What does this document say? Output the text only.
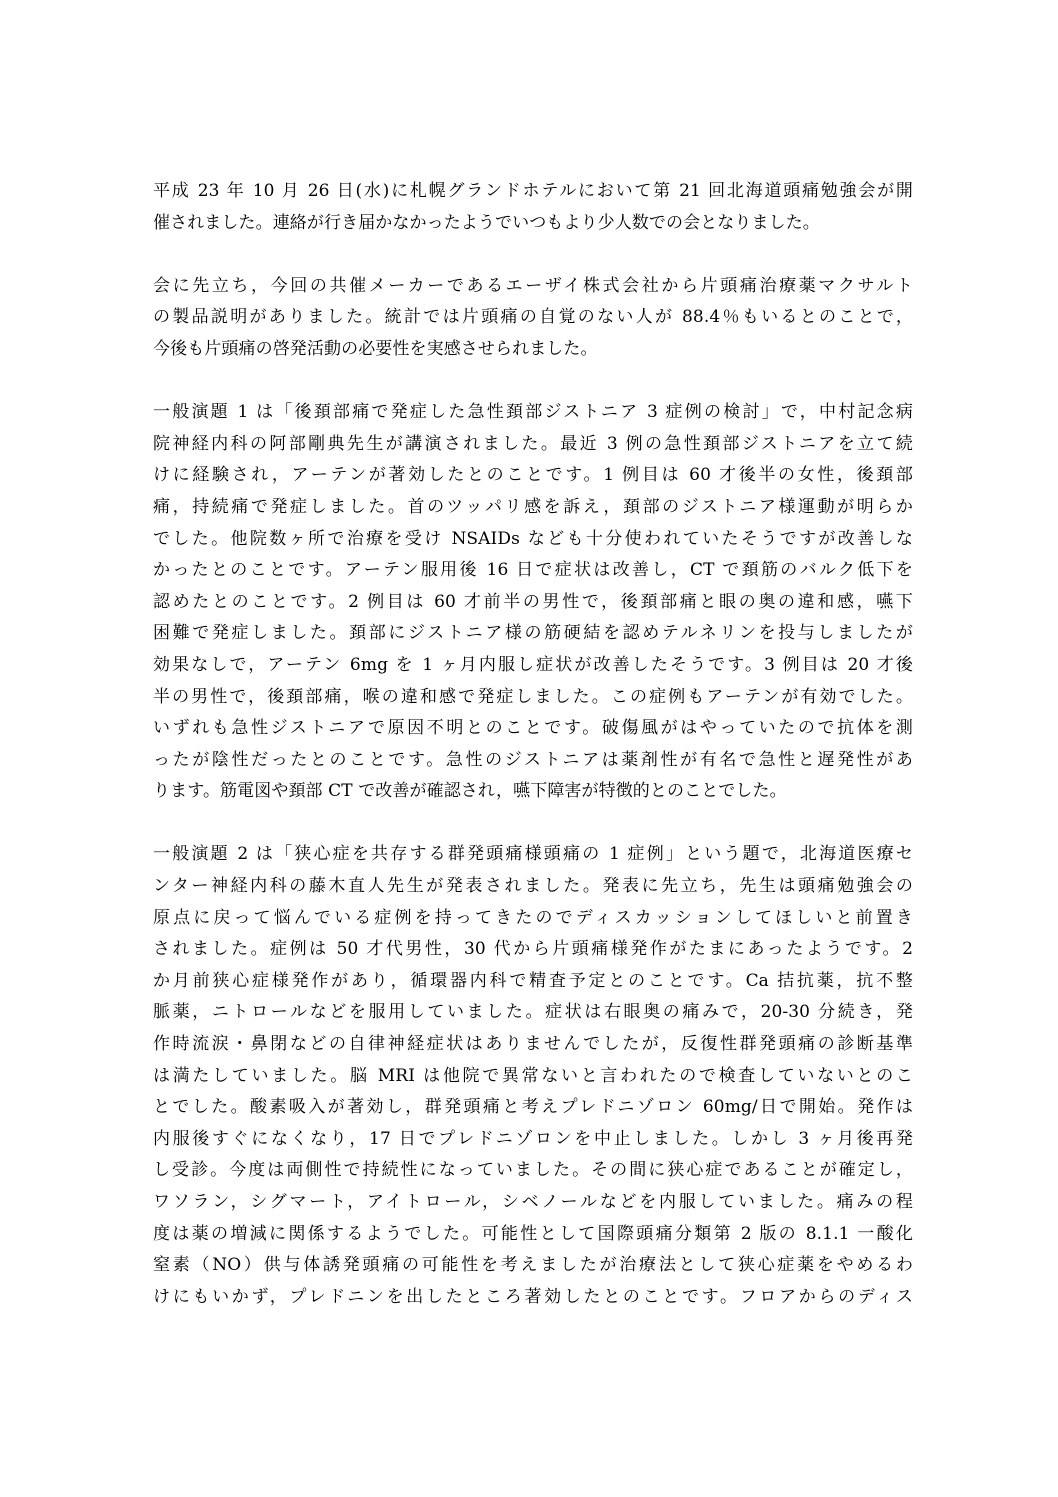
平成 23 年 10 月 26 日(水)に札幌グランドホテルにおいて第 21 回北海道頭痛勉強会が開
催されました。連絡が行き届かなかったようでいつもより少人数での会となりました。
会に先立ち，今回の共催メーカーであるエーザイ株式会社から片頭痛治療薬マクサルト
の製品説明がありました。統計では片頭痛の自覚のない人が 88.4％もいるとのことで，
今後も片頭痛の啓発活動の必要性を実感させられました。
一般演題 1 は「後頚部痛で発症した急性頚部ジストニア 3 症例の検討」で，中村記念病
院神経内科の阿部剛典先生が講演されました。最近 3 例の急性頚部ジストニアを立て続
けに経験され，アーテンが著効したとのことです。1 例目は 60 才後半の女性，後頚部
痛，持続痛で発症しました。首のツッパリ感を訴え，頚部のジストニア様運動が明らか
でした。他院数ヶ所で治療を受け NSAIDs なども十分使われていたそうですが改善しな
かったとのことです。アーテン服用後 16 日で症状は改善し，CT で頚筋のバルク低下を
認めたとのことです。2 例目は 60 才前半の男性で，後頚部痛と眼の奥の違和感，嚥下
困難で発症しました。頚部にジストニア様の筋硬結を認めテルネリンを投与しましたが
効果なしで，アーテン 6mg を 1 ヶ月内服し症状が改善したそうです。3 例目は 20 才後
半の男性で，後頚部痛，喉の違和感で発症しました。この症例もアーテンが有効でした。
いずれも急性ジストニアで原因不明とのことです。破傷風がはやっていたので抗体を測
ったが陰性だったとのことです。急性のジストニアは薬剤性が有名で急性と遅発性があ
ります。筋電図や頚部 CT で改善が確認され，嚥下障害が特徴的とのことでした。
一般演題 2 は「狭心症を共存する群発頭痛様頭痛の 1 症例」という題で，北海道医療セ
ンター神経内科の藤木直人先生が発表されました。発表に先立ち，先生は頭痛勉強会の
原点に戻って悩んでいる症例を持ってきたのでディスカッションしてほしいと前置き
されました。症例は 50 才代男性，30 代から片頭痛様発作がたまにあったようです。2
か月前狭心症様発作があり，循環器内科で精査予定とのことです。Ca 拮抗薬，抗不整
脈薬，ニトロールなどを服用していました。症状は右眼奥の痛みで，20-30 分続き，発
作時流涙・鼻閉などの自律神経症状はありませんでしたが，反復性群発頭痛の診断基準
は満たしていました。脳 MRI は他院で異常ないと言われたので検査していないとのこ
とでした。酸素吸入が著効し，群発頭痛と考えプレドニゾロン 60mg/日で開始。発作は
内服後すぐになくなり，17 日でプレドニゾロンを中止しました。しかし 3 ヶ月後再発
し受診。今度は両側性で持続性になっていました。その間に狭心症であることが確定し，
ワソラン，シグマート，アイトロール，シベノールなどを内服していました。痛みの程
度は薬の増減に関係するようでした。可能性として国際頭痛分類第 2 版の 8.1.1 一酸化
窒素（NO）供与体誘発頭痛の可能性を考えましたが治療法として狭心症薬をやめるわ
けにもいかず，プレドニンを出したところ著効したとのことです。フロアからのディス
